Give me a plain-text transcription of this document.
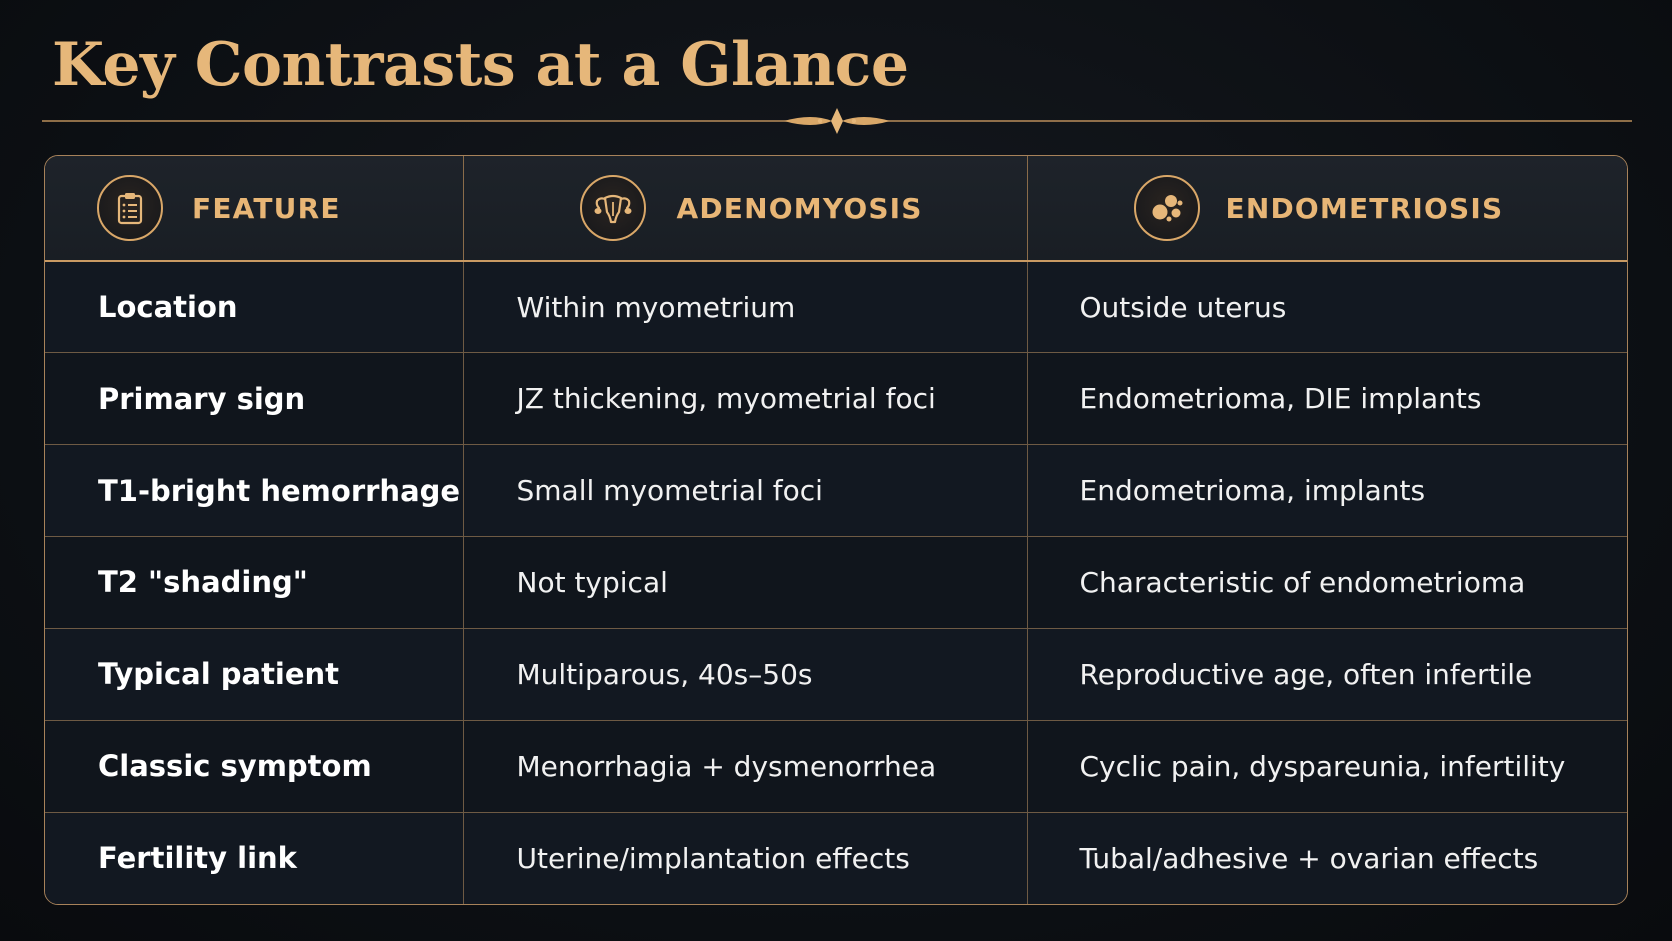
Key Contrasts at a Glance
FEATURE	ADENOMYOSIS	ENDOMETRIOSIS

Location	Within myometrium	Outside uterus
Primary sign	JZ thickening, myometrial foci	Endometrioma, DIE implants
T1-bright hemorrhage	Small myometrial foci	Endometrioma, implants
T2 "shading"	Not typical	Characteristic of endometrioma
Typical patient	Multiparous, 40s–50s	Reproductive age, often infertile
Classic symptom	Menorrhagia + dysmenorrhea	Cyclic pain, dyspareunia, infertility
Fertility link	Uterine/implantation effects	Tubal/adhesive + ovarian effects
